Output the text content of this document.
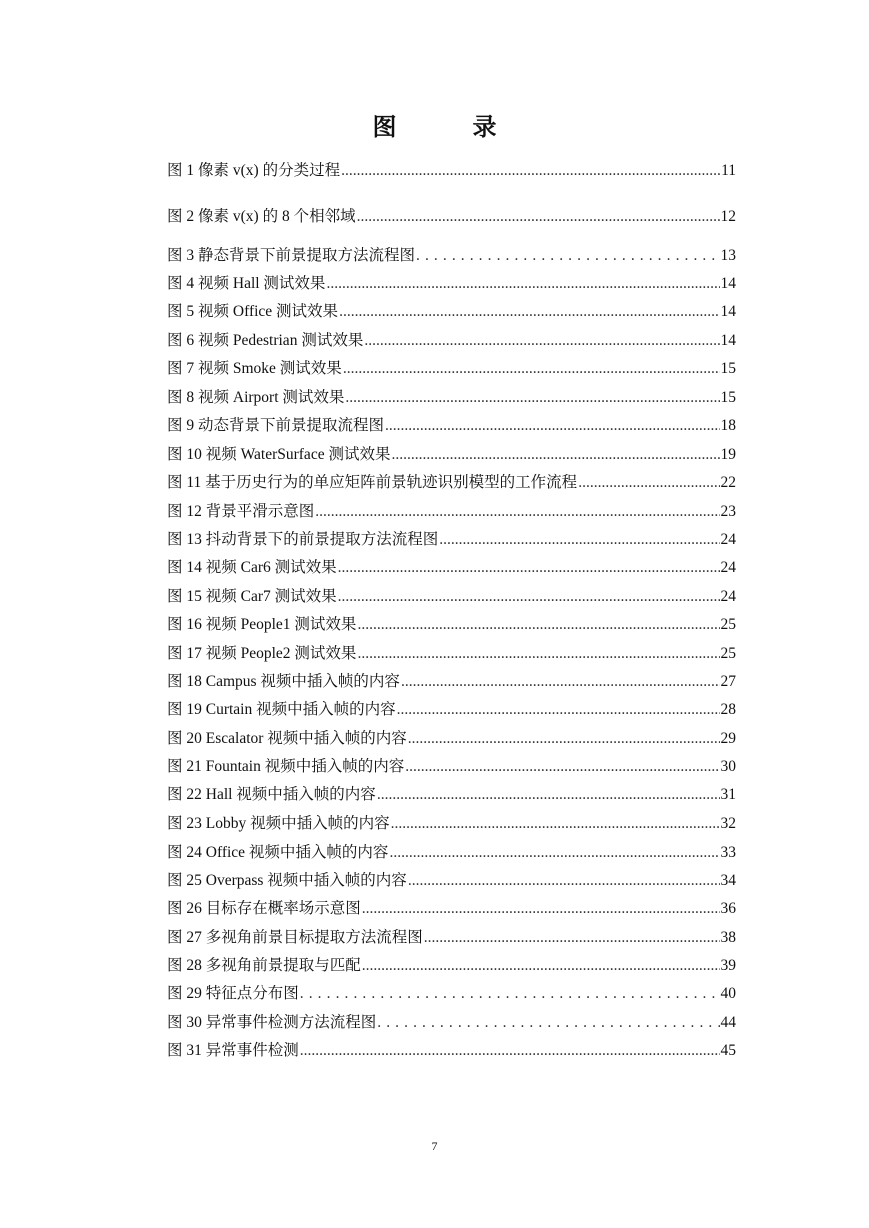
图　录
图 1 像素 v(x) 的分类过程 .....	11
图 2 像素 v(x) 的 8 个相邻域 .....	12
图 3 静态背景下前景提取方法流程图 . . .	13
图 4 视频 Hall 测试效果 .....	14
图 5 视频 Office 测试效果 .....	14
图 6 视频 Pedestrian 测试效果 .....	14
图 7 视频 Smoke 测试效果 .....	15
图 8 视频 Airport 测试效果 .....	15
图 9 动态背景下前景提取流程图 .....	18
图 10 视频 WaterSurface 测试效果 .....	19
图 11 基于历史行为的单应矩阵前景轨迹识别模型的工作流程 .....	22
图 12 背景平滑示意图 .....	23
图 13 抖动背景下的前景提取方法流程图 .....	24
图 14 视频 Car6 测试效果 .....	24
图 15 视频 Car7 测试效果 .....	24
图 16 视频 People1 测试效果 .....	25
图 17 视频 People2 测试效果 .....	25
图 18 Campus 视频中插入帧的内容 .....	27
图 19 Curtain 视频中插入帧的内容 .....	28
图 20 Escalator 视频中插入帧的内容 .....	29
图 21 Fountain 视频中插入帧的内容 .....	30
图 22 Hall 视频中插入帧的内容 .....	31
图 23 Lobby 视频中插入帧的内容 .....	32
图 24 Office 视频中插入帧的内容 .....	33
图 25 Overpass 视频中插入帧的内容 .....	34
图 26 目标存在概率场示意图 .....	36
图 27 多视角前景目标提取方法流程图 .....	38
图 28 多视角前景提取与匹配 .....	39
图 29 特征点分布图 . . .	40
图 30 异常事件检测方法流程图 . . .	44
图 31 异常事件检测 .....	45
7
